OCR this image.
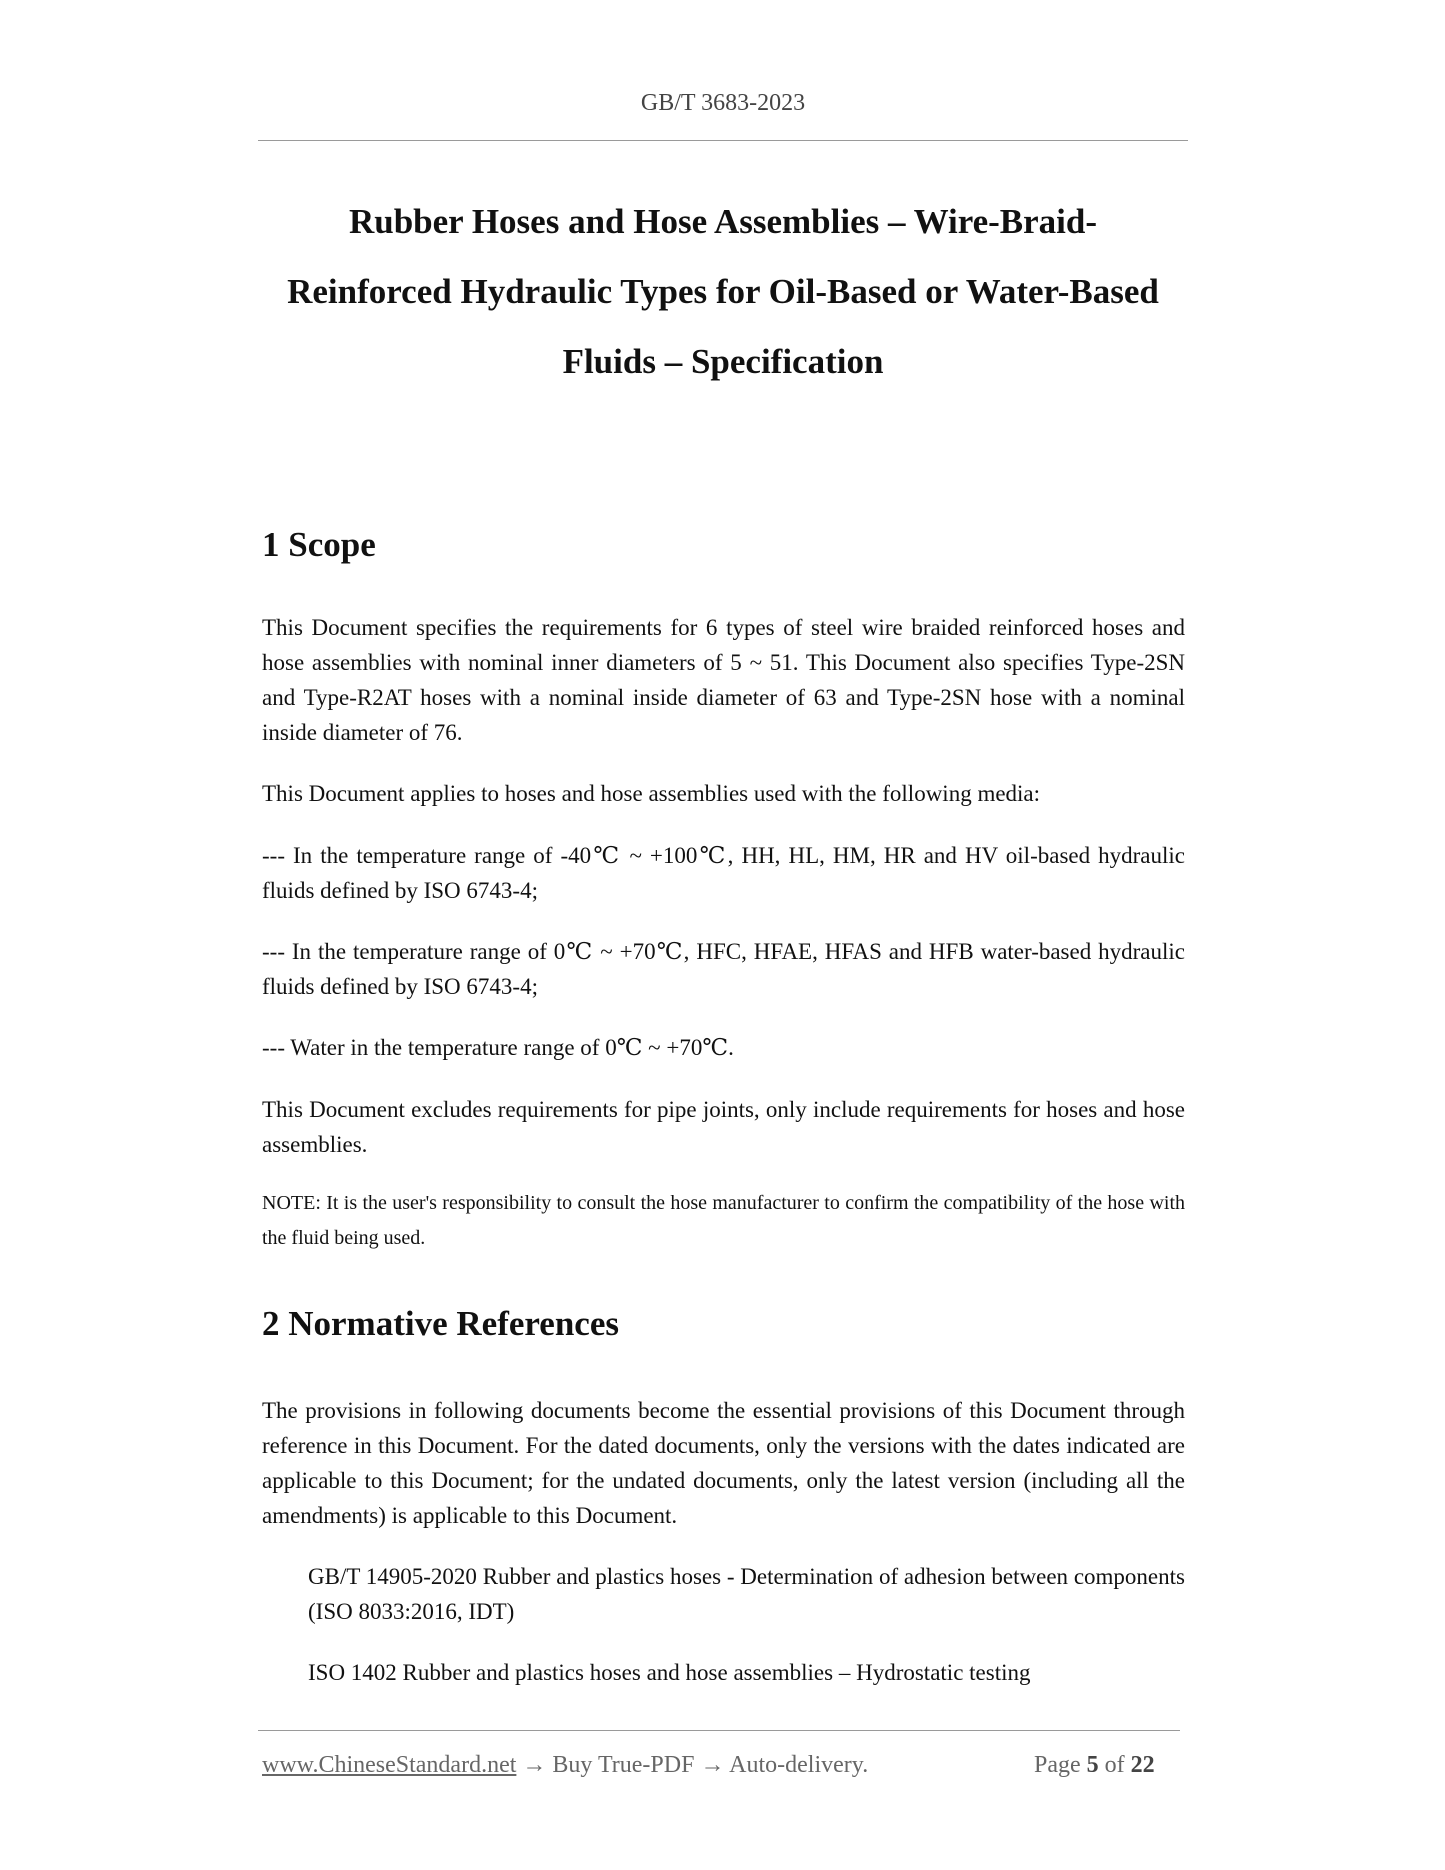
GB/T 3683-2023
Rubber Hoses and Hose Assemblies – Wire-Braid-
Reinforced Hydraulic Types for Oil-Based or Water-Based
Fluids – Specification
1 Scope

This Document specifies the requirements for 6 types of steel wire braided reinforced hoses and hose assemblies with nominal inner diameters of 5 ~ 51. This Document also specifies Type-2SN and Type-R2AT hoses with a nominal inside diameter of 63 and Type-2SN hose with a nominal inside diameter of 76.

This Document applies to hoses and hose assemblies used with the following media:

--- In the temperature range of -40℃ ~ +100℃, HH, HL, HM, HR and HV oil-based hydraulic fluids defined by ISO 6743-4;

--- In the temperature range of 0℃ ~ +70℃, HFC, HFAE, HFAS and HFB water-based hydraulic fluids defined by ISO 6743-4;

--- Water in the temperature range of 0℃ ~ +70℃.

This Document excludes requirements for pipe joints, only include requirements for hoses and hose assemblies.

NOTE: It is the user's responsibility to consult the hose manufacturer to confirm the compatibility of the hose with the fluid being used.

2 Normative References

The provisions in following documents become the essential provisions of this Document through reference in this Document. For the dated documents, only the versions with the dates indicated are applicable to this Document; for the undated documents, only the latest version (including all the amendments) is applicable to this Document.

GB/T 14905-2020 Rubber and plastics hoses - Determination of adhesion between components (ISO 8033:2016, IDT)

ISO 1402 Rubber and plastics hoses and hose assemblies – Hydrostatic testing

www.ChineseStandard.net → Buy True-PDF → Auto-delivery.	Page 5 of 22
